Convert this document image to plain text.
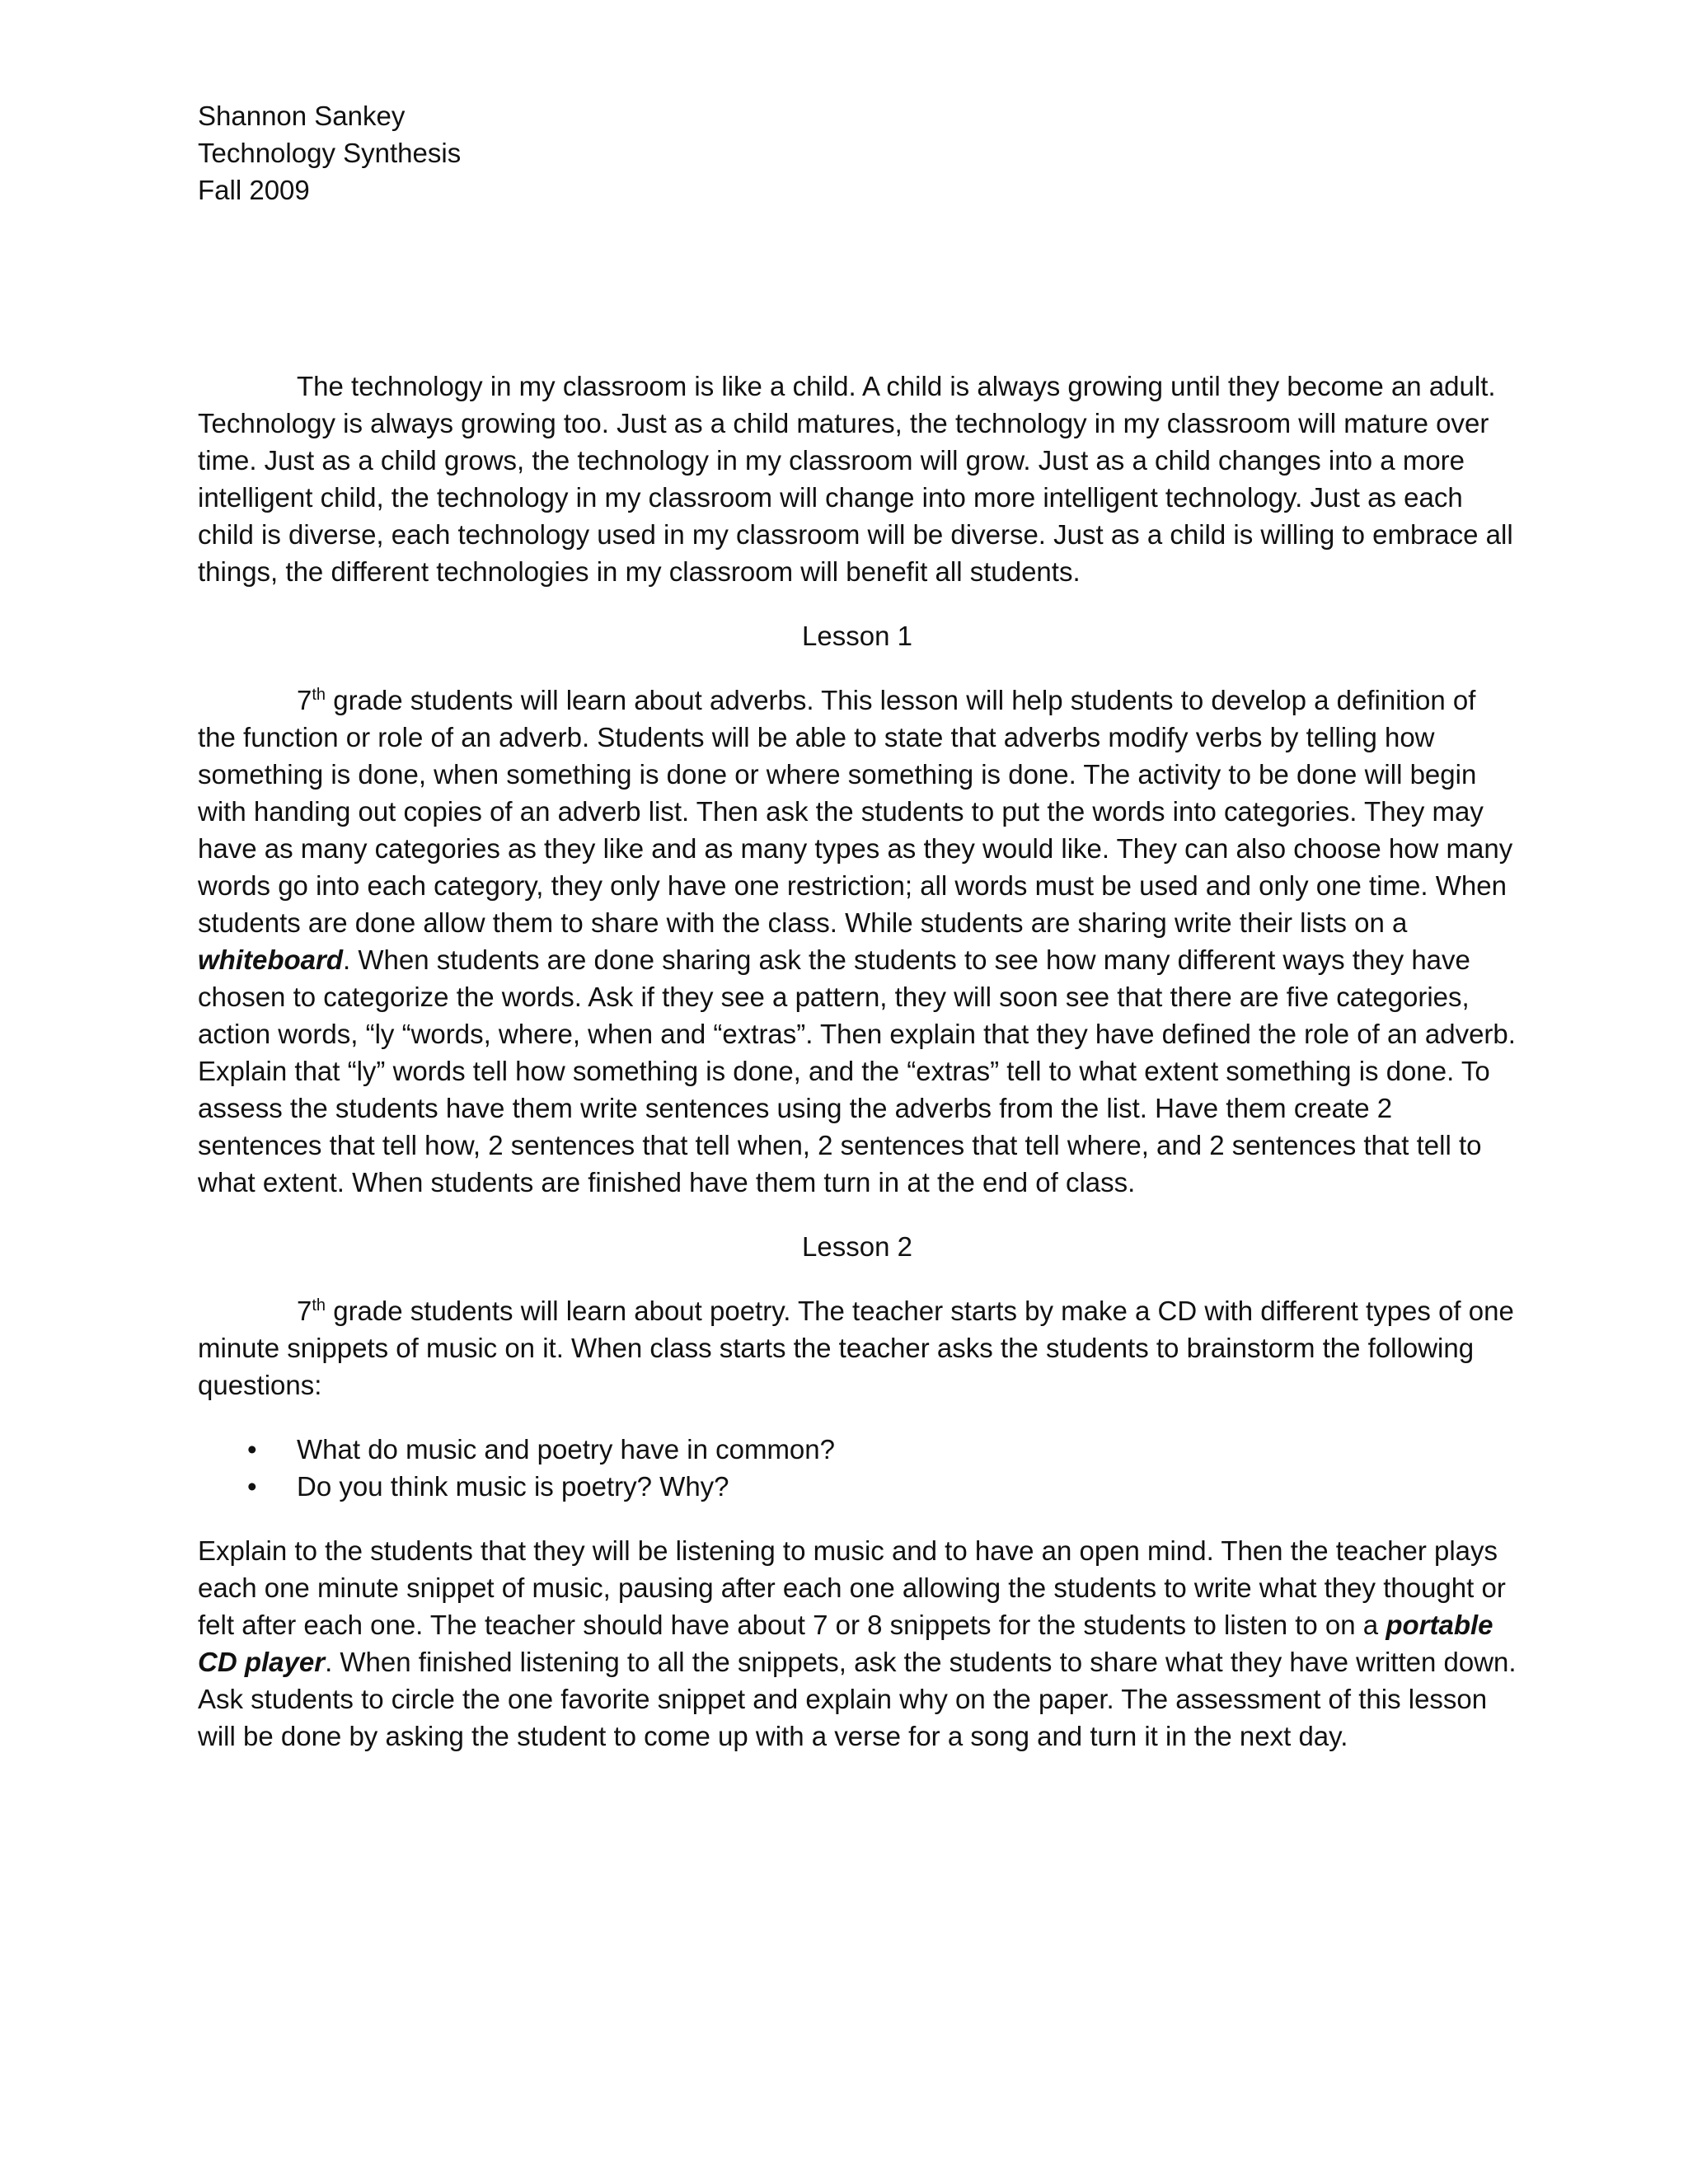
Shannon Sankey
Technology Synthesis
Fall 2009

The technology in my classroom is like a child. A child is always growing until they become an adult. Technology is always growing too. Just as a child matures, the technology in my classroom will mature over time. Just as a child grows, the technology in my classroom will grow. Just as a child changes into a more intelligent child, the technology in my classroom will change into more intelligent technology. Just as each child is diverse, each technology used in my classroom will be diverse. Just as a child is willing to embrace all things, the different technologies in my classroom will benefit all students.

Lesson 1

7th grade students will learn about adverbs. This lesson will help students to develop a definition of the function or role of an adverb. Students will be able to state that adverbs modify verbs by telling how something is done, when something is done or where something is done. The activity to be done will begin with handing out copies of an adverb list. Then ask the students to put the words into categories. They may have as many categories as they like and as many types as they would like. They can also choose how many words go into each category, they only have one restriction; all words must be used and only one time. When students are done allow them to share with the class. While students are sharing write their lists on a whiteboard. When students are done sharing ask the students to see how many different ways they have chosen to categorize the words. Ask if they see a pattern, they will soon see that there are five categories, action words, “ly “words, where, when and “extras”. Then explain that they have defined the role of an adverb. Explain that “ly” words tell how something is done, and the “extras” tell to what extent something is done. To assess the students have them write sentences using the adverbs from the list. Have them create 2 sentences that tell how, 2 sentences that tell when, 2 sentences that tell where, and 2 sentences that tell to what extent. When students are finished have them turn in at the end of class.

Lesson 2

7th grade students will learn about poetry. The teacher starts by make a CD with different types of one minute snippets of music on it. When class starts the teacher asks the students to brainstorm the following questions:

• What do music and poetry have in common?
• Do you think music is poetry? Why?

Explain to the students that they will be listening to music and to have an open mind. Then the teacher plays each one minute snippet of music, pausing after each one allowing the students to write what they thought or felt after each one. The teacher should have about 7 or 8 snippets for the students to listen to on a portable CD player. When finished listening to all the snippets, ask the students to share what they have written down. Ask students to circle the one favorite snippet and explain why on the paper. The assessment of this lesson will be done by asking the student to come up with a verse for a song and turn it in the next day.
